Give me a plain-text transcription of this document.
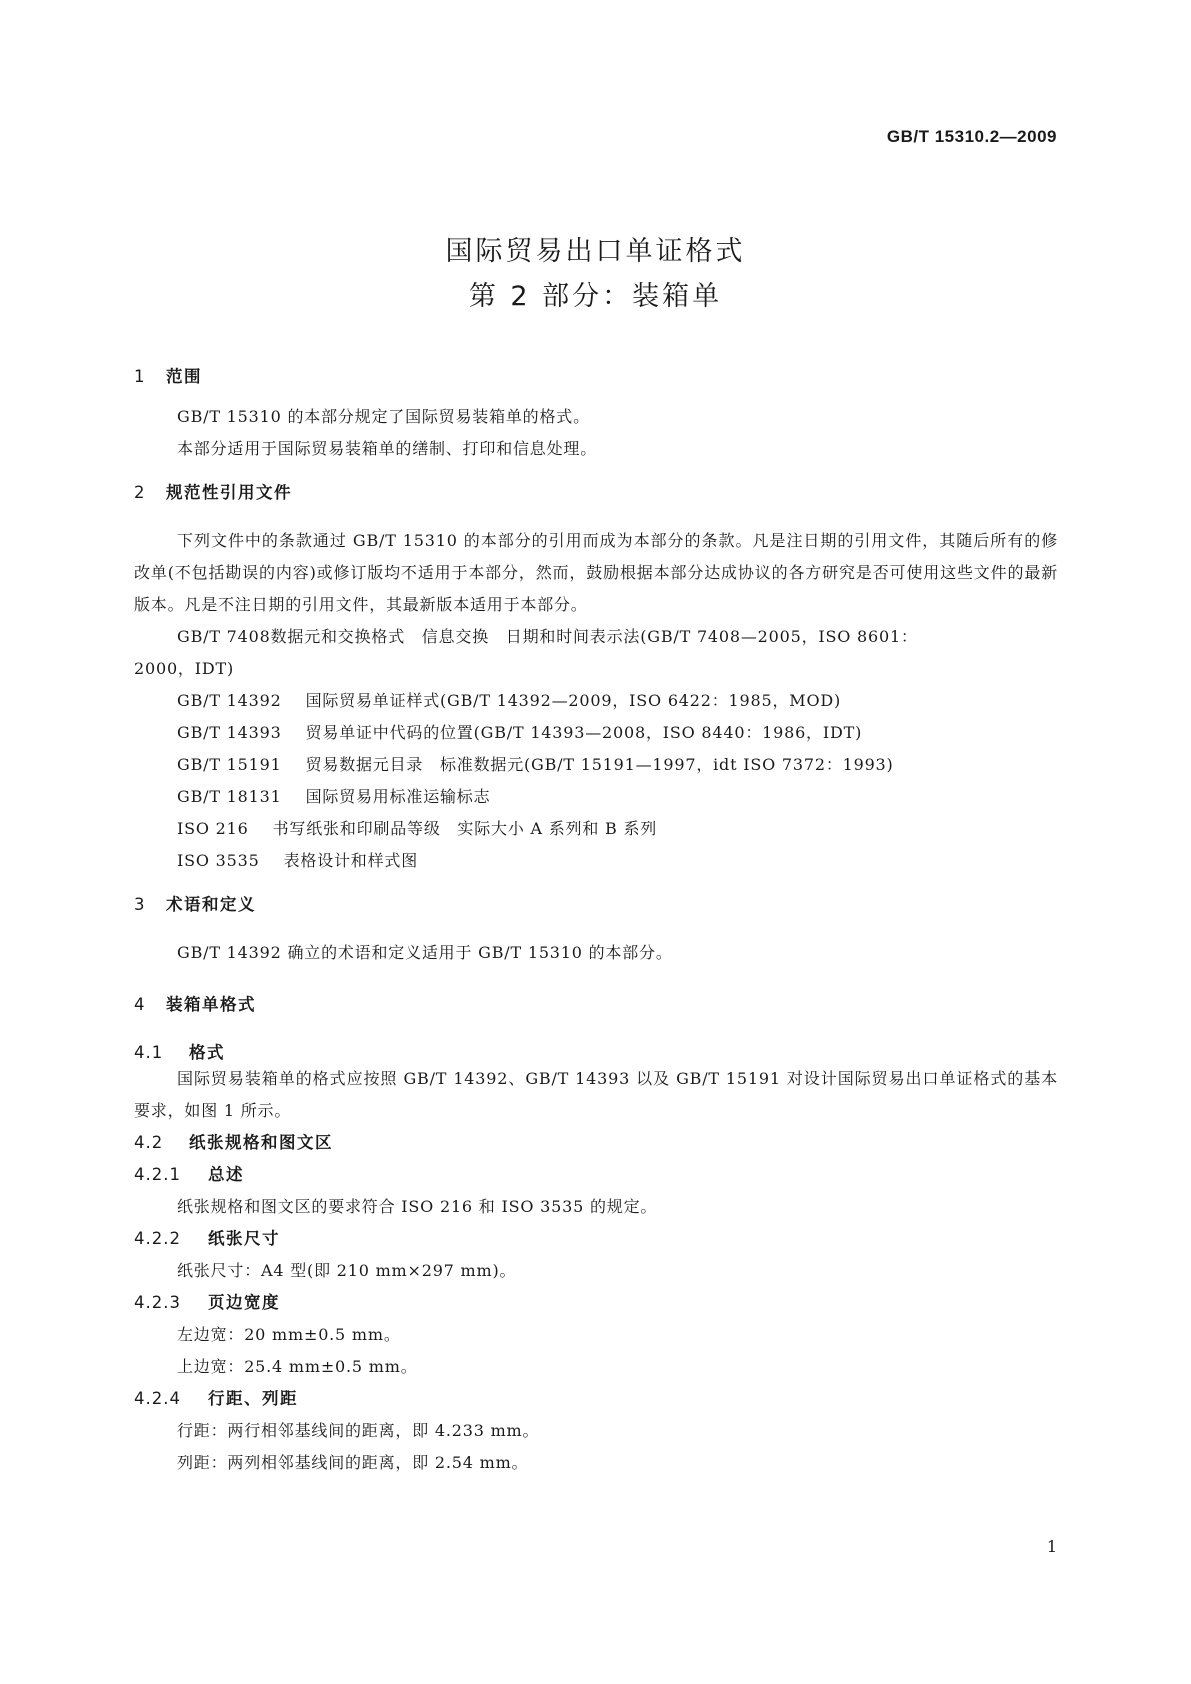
GB/T 15310.2—2009
国际贸易出口单证格式
第 2 部分：装箱单
1 范围

GB/T 15310 的本部分规定了国际贸易装箱单的格式。

本部分适用于国际贸易装箱单的缮制、打印和信息处理。

2 规范性引用文件

下列文件中的条款通过 GB/T 15310 的本部分的引用而成为本部分的条款。凡是注日期的引用文件，其随后所有的修改单(不包括勘误的内容)或修订版均不适用于本部分，然而，鼓励根据本部分达成协议的各方研究是否可使用这些文件的最新版本。凡是不注日期的引用文件，其最新版本适用于本部分。

GB/T 7408数据元和交换格式　信息交换　日期和时间表示法(GB/T 7408—2005，ISO 8601：
2000，IDT)

GB/T 14392 国际贸易单证样式(GB/T 14392—2009，ISO 6422：1985，MOD)

GB/T 14393 贸易单证中代码的位置(GB/T 14393—2008，ISO 8440：1986，IDT)

GB/T 15191 贸易数据元目录　标准数据元(GB/T 15191—1997，idt ISO 7372：1993)

GB/T 18131 国际贸易用标准运输标志

ISO 216 书写纸张和印刷品等级　实际大小 A 系列和 B 系列

ISO 3535 表格设计和样式图

3 术语和定义

GB/T 14392 确立的术语和定义适用于 GB/T 15310 的本部分。

4 装箱单格式
4.1 格式

国际贸易装箱单的格式应按照 GB/T 14392、GB/T 14393 以及 GB/T 15191 对设计国际贸易出口单证格式的基本要求，如图 1 所示。

4.2 纸张规格和图文区
4.2.1 总述

纸张规格和图文区的要求符合 ISO 216 和 ISO 3535 的规定。

4.2.2 纸张尺寸

纸张尺寸：A4 型(即 210 mm×297 mm)。

4.2.3 页边宽度

左边宽：20 mm±0.5 mm。

上边宽：25.4 mm±0.5 mm。

4.2.4 行距、列距

行距：两行相邻基线间的距离，即 4.233 mm。

列距：两列相邻基线间的距离，即 2.54 mm。

1
